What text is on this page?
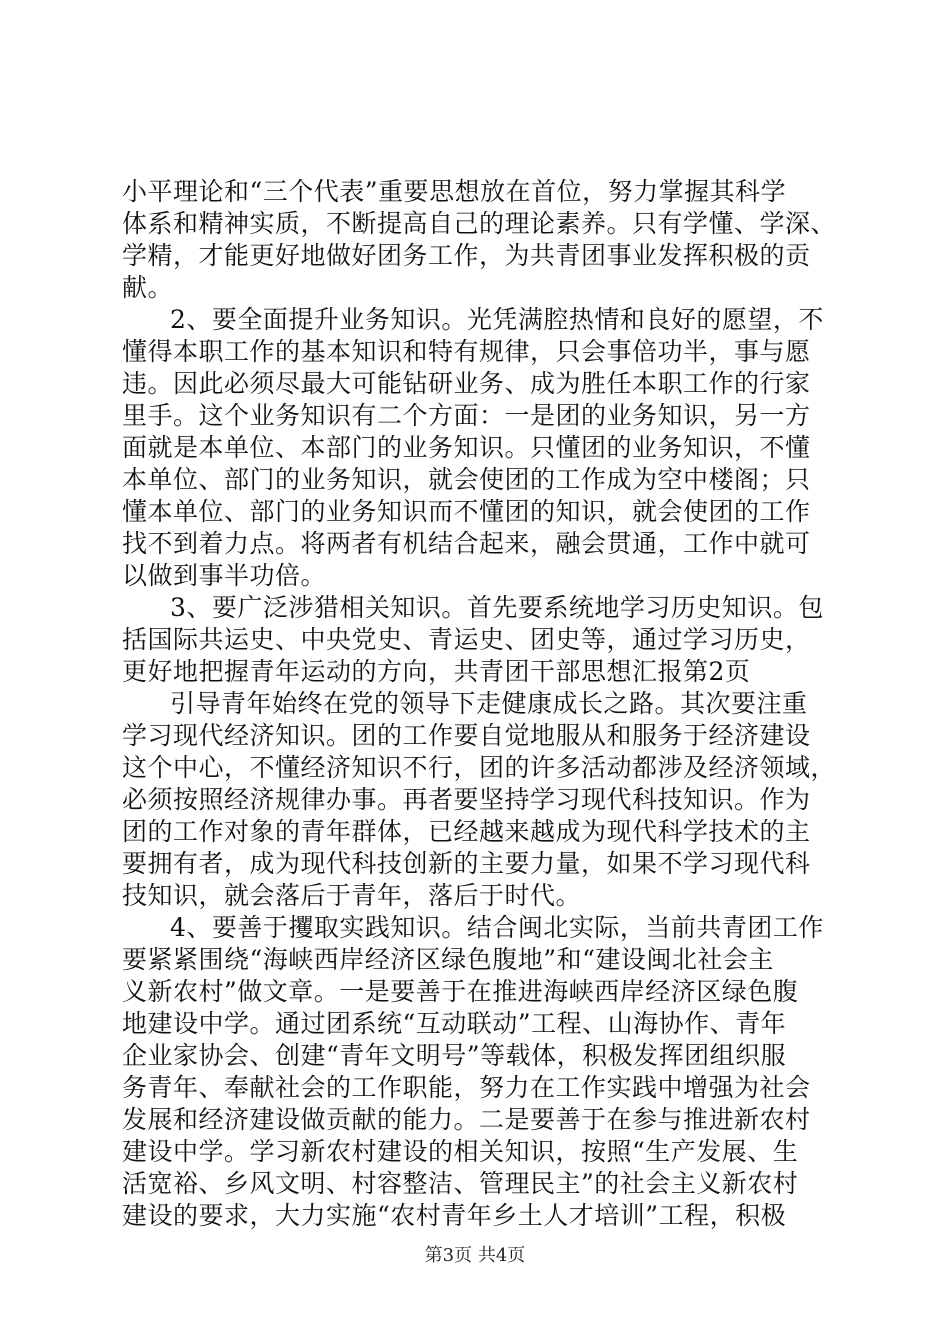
小平理论和“三个代表”重要思想放在首位，努力掌握其科学
体系和精神实质，不断提高自己的理论素养。只有学懂、学深、
学精，才能更好地做好团务工作，为共青团事业发挥积极的贡
献。
2、要全面提升业务知识。光凭满腔热情和良好的愿望，不
懂得本职工作的基本知识和特有规律，只会事倍功半，事与愿
违。因此必须尽最大可能钻研业务、成为胜任本职工作的行家
里手。这个业务知识有二个方面：一是团的业务知识，另一方
面就是本单位、本部门的业务知识。只懂团的业务知识，不懂
本单位、部门的业务知识，就会使团的工作成为空中楼阁；只
懂本单位、部门的业务知识而不懂团的知识，就会使团的工作
找不到着力点。将两者有机结合起来，融会贯通，工作中就可
以做到事半功倍。
3、要广泛涉猎相关知识。首先要系统地学习历史知识。包
括国际共运史、中央党史、青运史、团史等，通过学习历史，
更好地把握青年运动的方向，共青团干部思想汇报第2页
引导青年始终在党的领导下走健康成长之路。其次要注重
学习现代经济知识。团的工作要自觉地服从和服务于经济建设
这个中心，不懂经济知识不行，团的许多活动都涉及经济领域，
必须按照经济规律办事。再者要坚持学习现代科技知识。作为
团的工作对象的青年群体，已经越来越成为现代科学技术的主
要拥有者，成为现代科技创新的主要力量，如果不学习现代科
技知识，就会落后于青年，落后于时代。
4、要善于攫取实践知识。结合闽北实际，当前共青团工作
要紧紧围绕“海峡西岸经济区绿色腹地”和“建设闽北社会主
义新农村”做文章。一是要善于在推进海峡西岸经济区绿色腹
地建设中学。通过团系统“互动联动”工程、山海协作、青年
企业家协会、创建“青年文明号”等载体，积极发挥团组织服
务青年、奉献社会的工作职能，努力在工作实践中增强为社会
发展和经济建设做贡献的能力。二是要善于在参与推进新农村
建设中学。学习新农村建设的相关知识，按照“生产发展、生
活宽裕、乡风文明、村容整洁、管理民主”的社会主义新农村
建设的要求，大力实施“农村青年乡土人才培训”工程，积极
第3页 共4页
